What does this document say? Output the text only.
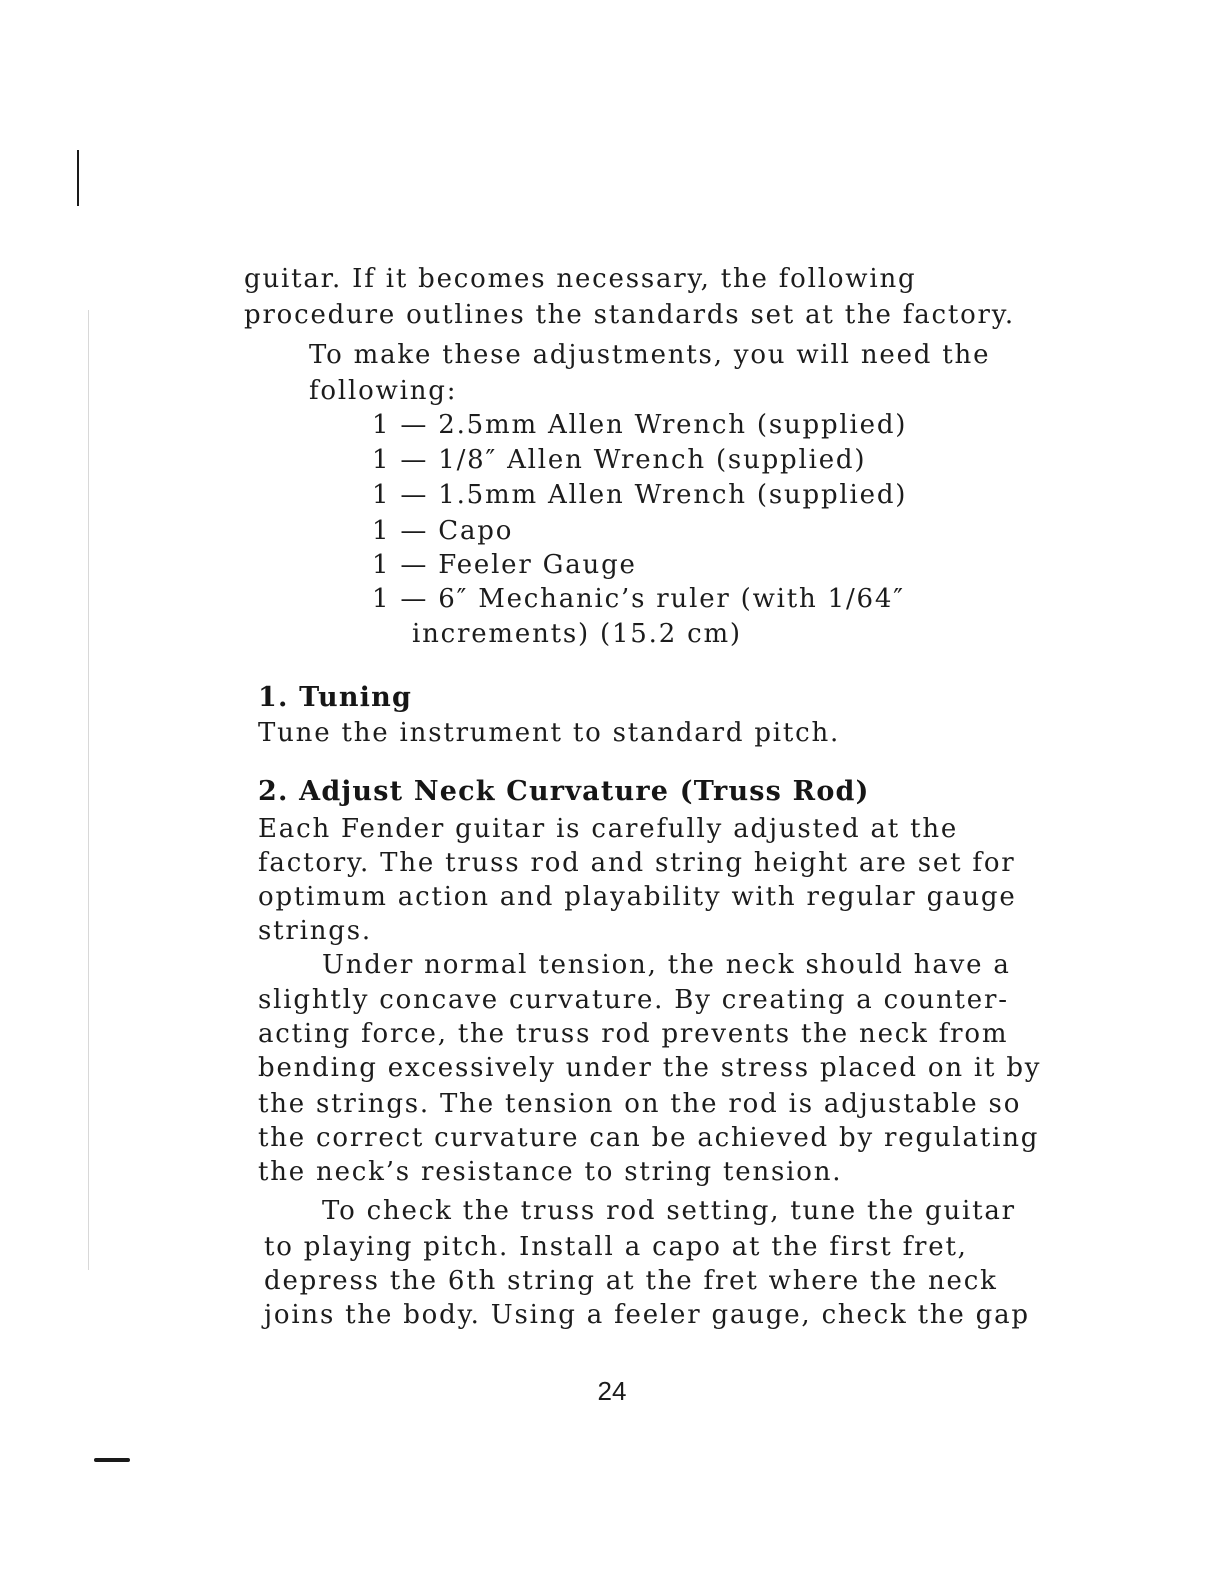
guitar. If it becomes necessary, the following
procedure outlines the standards set at the factory.
To make these adjustments, you will need the
following:
1 — 2.5mm Allen Wrench (supplied)
1 — 1/8″ Allen Wrench (supplied)
1 — 1.5mm Allen Wrench (supplied)
1 — Capo
1 — Feeler Gauge
1 — 6″ Mechanic’s ruler (with 1/64″
increments) (15.2 cm)
1. Tuning
Tune the instrument to standard pitch.
2. Adjust Neck Curvature (Truss Rod)
Each Fender guitar is carefully adjusted at the
factory. The truss rod and string height are set for
optimum action and playability with regular gauge
strings.
Under normal tension, the neck should have a
slightly concave curvature. By creating a counter-
acting force, the truss rod prevents the neck from
bending excessively under the stress placed on it by
the strings. The tension on the rod is adjustable so
the correct curvature can be achieved by regulating
the neck’s resistance to string tension.
To check the truss rod setting, tune the guitar
to playing pitch. Install a capo at the first fret,
depress the 6th string at the fret where the neck
joins the body. Using a feeler gauge, check the gap
24
